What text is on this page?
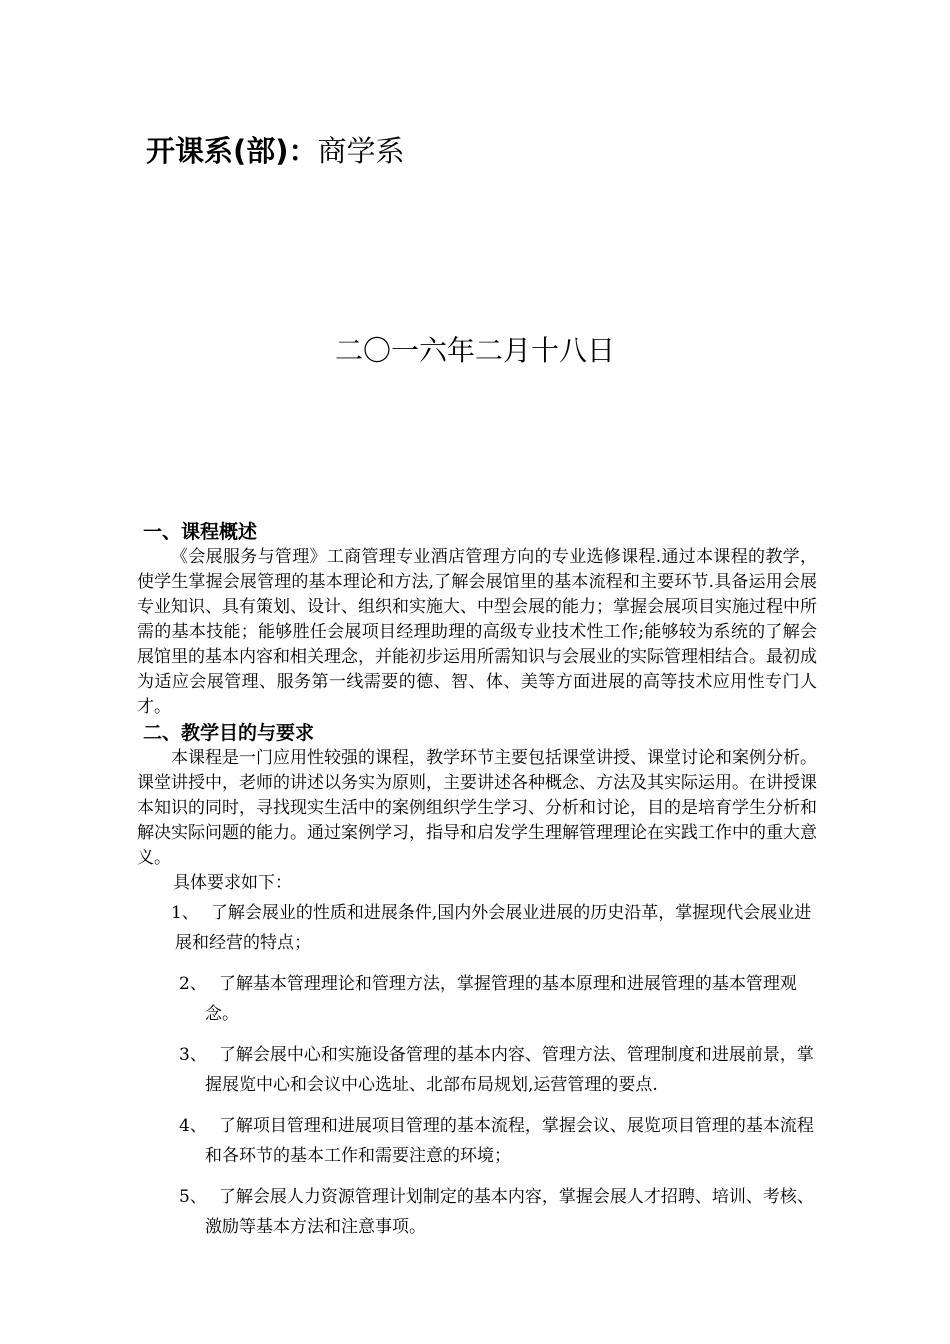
开课系(部)：商学系
二〇一六年二月十八日
一、课程概述

《会展服务与管理》工商管理专业酒店管理方向的专业选修课程.通过本课程的教学，使学生掌握会展管理的基本理论和方法,了解会展馆里的基本流程和主要环节.具备运用会展专业知识、具有策划、设计、组织和实施大、中型会展的能力；掌握会展项目实施过程中所需的基本技能；能够胜任会展项目经理助理的高级专业技术性工作;能够较为系统的了解会展馆里的基本内容和相关理念，并能初步运用所需知识与会展业的实际管理相结合。最初成为适应会展管理、服务第一线需要的德、智、体、美等方面进展的高等技术应用性专门人才。

二、教学目的与要求

本课程是一门应用性较强的课程，教学环节主要包括课堂讲授、课堂讨论和案例分析。课堂讲授中，老师的讲述以务实为原则，主要讲述各种概念、方法及其实际运用。在讲授课本知识的同时，寻找现实生活中的案例组织学生学习、分析和讨论，目的是培育学生分析和解决实际问题的能力。通过案例学习，指导和启发学生理解管理理论在实践工作中的重大意义。

具体要求如下：

1、 了解会展业的性质和进展条件,国内外会展业进展的历史沿革，掌握现代会展业进展和经营的特点；
2、 了解基本管理理论和管理方法，掌握管理的基本原理和进展管理的基本管理观念。
3、 了解会展中心和实施设备管理的基本内容、管理方法、管理制度和进展前景，掌握展览中心和会议中心选址、北部布局规划,运营管理的要点.
4、 了解项目管理和进展项目管理的基本流程，掌握会议、展览项目管理的基本流程和各环节的基本工作和需要注意的环境；
5、 了解会展人力资源管理计划制定的基本内容，掌握会展人才招聘、培训、考核、激励等基本方法和注意事项。
